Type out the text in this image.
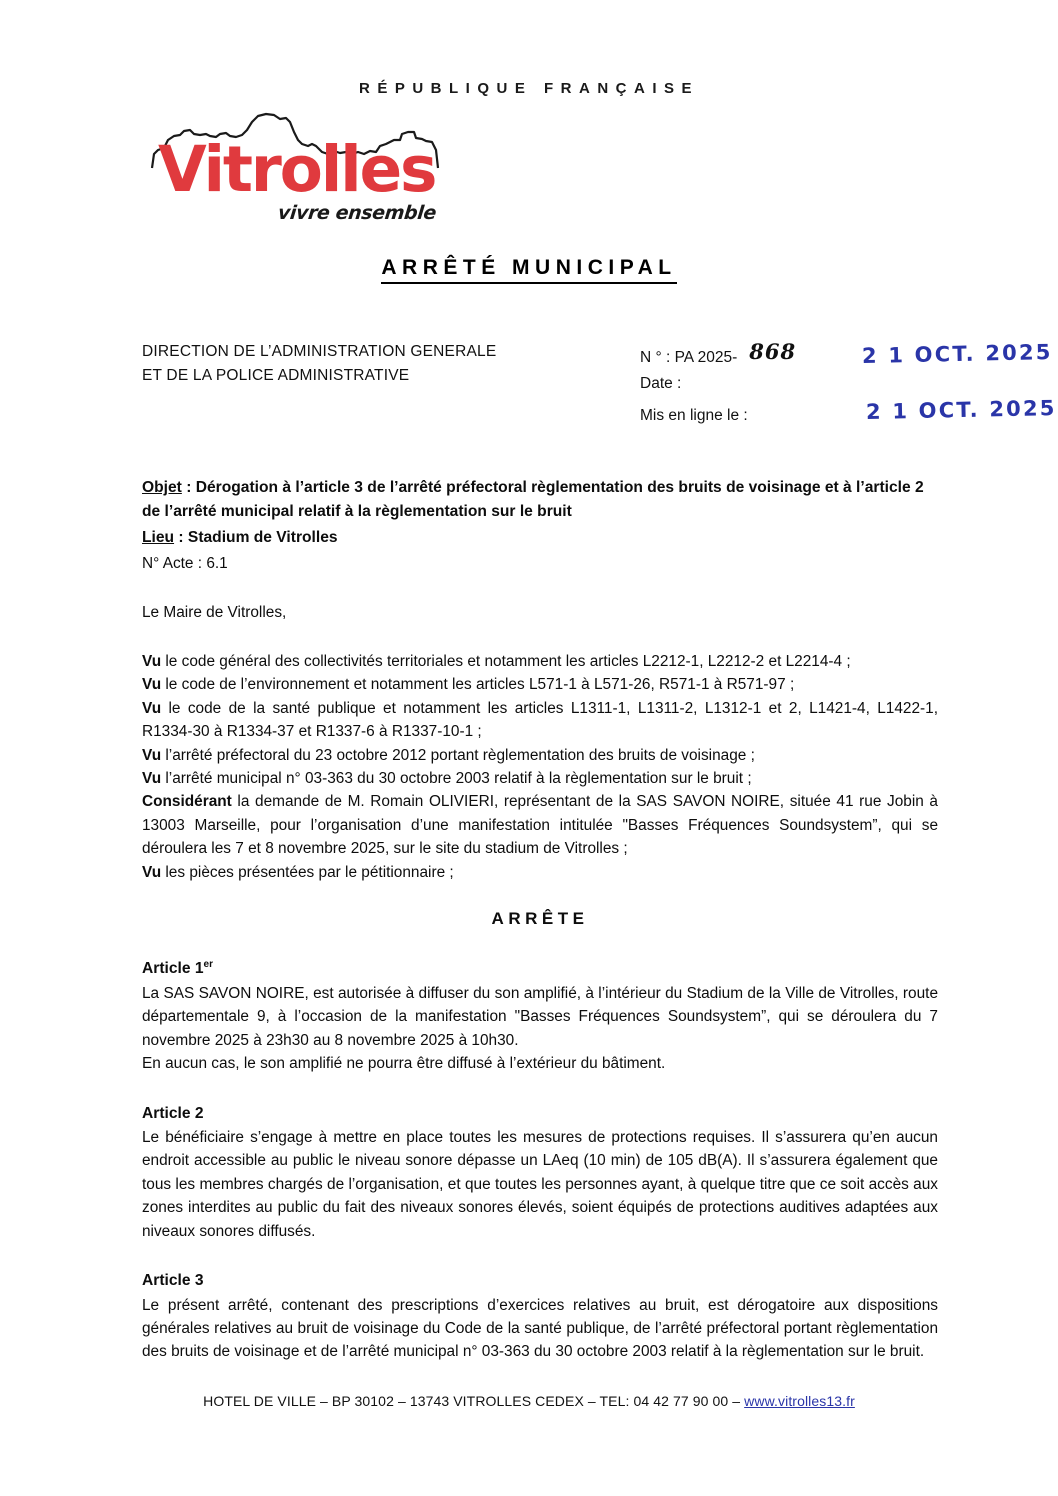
RÉPUBLIQUE FRANÇAISE
Vitrolles
vivre ensemble
ARRÊTÉ MUNICIPAL
DIRECTION DE L’ADMINISTRATION GENERALE
ET DE LA POLICE ADMINISTRATIVE
N ° : PA 2025- 868
Date :
Mis en ligne le :
2 1 OCT. 2025
2 1 OCT. 2025
Objet : Dérogation à l’article 3 de l’arrêté préfectoral règlementation des bruits de voisinage et à l’article 2 de l’arrêté municipal relatif à la règlementation sur le bruit
Lieu : Stadium de Vitrolles
N° Acte : 6.1
Le Maire de Vitrolles,

Vu le code général des collectivités territoriales et notamment les articles L2212-1, L2212-2 et L2214-4 ;

Vu le code de l’environnement et notamment les articles L571-1 à L571-26, R571-1 à R571-97 ;

Vu le code de la santé publique et notamment les articles L1311-1, L1311-2, L1312-1 et 2, L1421-4, L1422-1, R1334-30 à R1334-37 et R1337-6 à R1337-10-1 ;

Vu l’arrêté préfectoral du 23 octobre 2012 portant règlementation des bruits de voisinage ;

Vu l’arrêté municipal n° 03-363 du 30 octobre 2003 relatif à la règlementation sur le bruit ;

Considérant la demande de M. Romain OLIVIERI, représentant de la SAS SAVON NOIRE, située 41 rue Jobin à 13003 Marseille, pour l’organisation d’une manifestation intitulée "Basses Fréquences Soundsystem”, qui se déroulera les 7 et 8 novembre 2025, sur le site du stadium de Vitrolles ;

Vu les pièces présentées par le pétitionnaire ;

ARRÊTE
Article 1er
La SAS SAVON NOIRE, est autorisée à diffuser du son amplifié, à l’intérieur du Stadium de la Ville de Vitrolles, route départementale 9, à l’occasion de la manifestation "Basses Fréquences Soundsystem”, qui se déroulera du 7 novembre 2025 à 23h30 au 8 novembre 2025 à 10h30.
En aucun cas, le son amplifié ne pourra être diffusé à l’extérieur du bâtiment.
Article 2
Le bénéficiaire s’engage à mettre en place toutes les mesures de protections requises. Il s’assurera qu’en aucun endroit accessible au public le niveau sonore dépasse un LAeq (10 min) de 105 dB(A). Il s’assurera également que tous les membres chargés de l’organisation, et que toutes les personnes ayant, à quelque titre que ce soit accès aux zones interdites au public du fait des niveaux sonores élevés, soient équipés de protections auditives adaptées aux niveaux sonores diffusés.
Article 3
Le présent arrêté, contenant des prescriptions d’exercices relatives au bruit, est dérogatoire aux dispositions générales relatives au bruit de voisinage du Code de la santé publique, de l’arrêté préfectoral portant règlementation des bruits de voisinage et de l’arrêté municipal n° 03-363 du 30 octobre 2003 relatif à la règlementation sur le bruit.
HOTEL DE VILLE – BP 30102 – 13743 VITROLLES CEDEX – TEL: 04 42 77 90 00 – www.vitrolles13.fr
